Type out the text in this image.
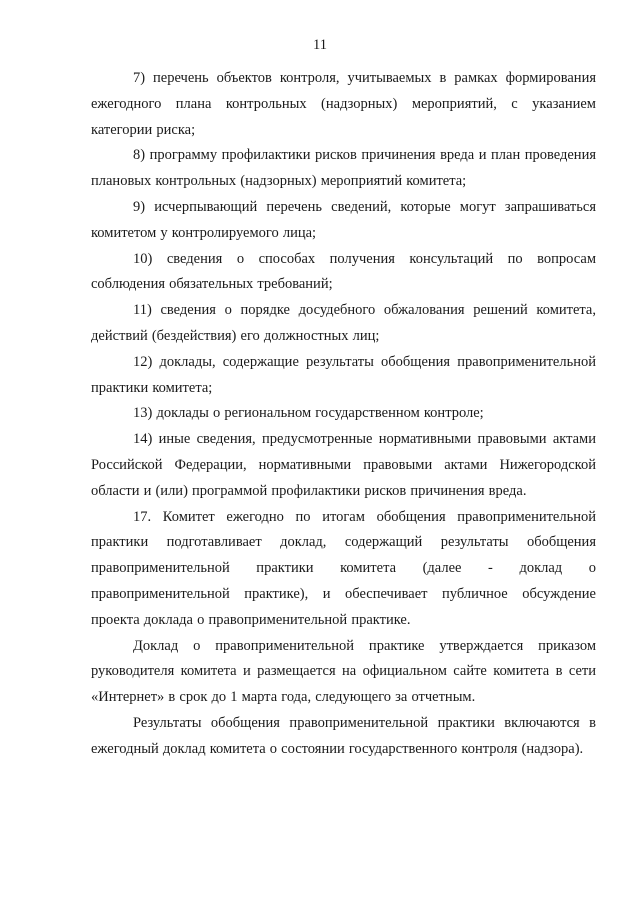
11

7) перечень объектов контроля, учитываемых в рамках формирования ежегодного плана контрольных (надзорных) мероприятий, с указанием категории риска;

8) программу профилактики рисков причинения вреда и план проведения плановых контрольных (надзорных) мероприятий комитета;

9) исчерпывающий перечень сведений, которые могут запрашиваться комитетом у контролируемого лица;

10) сведения о способах получения консультаций по вопросам соблюдения обязательных требований;

11) сведения о порядке досудебного обжалования решений комитета, действий (бездействия) его должностных лиц;

12) доклады, содержащие результаты обобщения правоприменительной практики комитета;

13) доклады о региональном государственном контроле;

14) иные сведения, предусмотренные нормативными правовыми актами Российской Федерации, нормативными правовыми актами Нижегородской области и (или) программой профилактики рисков причинения вреда.

17. Комитет ежегодно по итогам обобщения правоприменительной практики подготавливает доклад, содержащий результаты обобщения правоприменительной практики комитета (далее - доклад о правоприменительной практике), и обеспечивает публичное обсуждение проекта доклада о правоприменительной практике.

Доклад о правоприменительной практике утверждается приказом руководителя комитета и размещается на официальном сайте комитета в сети «Интернет» в срок до 1 марта года, следующего за отчетным.

Результаты обобщения правоприменительной практики включаются в ежегодный доклад комитета о состоянии государственного контроля (надзора).
